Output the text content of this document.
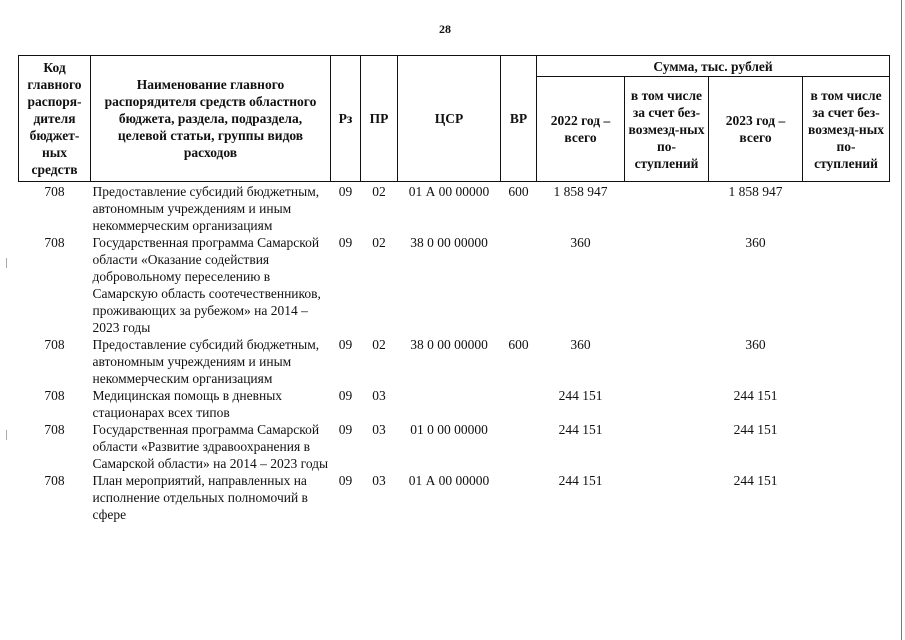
28
Код главного распоря-дителя бюджет-ных средств	Наименование главного распорядителя средств областного бюджета, раздела, подраздела, целевой статьи, группы видов расходов	Рз	ПР	ЦСР	ВР	Сумма, тыс. рублей			
						2022 год – всего	в том числе за счет без-возмезд-ных по-ступлений	2023 год – всего	в том числе за счет без-возмезд-ных по-ступлений
708	Предоставление субсидий бюджетным, автономным учреждениям и иным некоммерческим организациям	09	02	01 А 00 00000	600	1 858 947		1 858 947	
708	Государственная программа Самарской области «Оказание содействия добровольному переселению в Самарскую область соотечественников, проживающих за рубежом» на 2014 – 2023 годы	09	02	38 0 00 00000		360		360	
708	Предоставление субсидий бюджетным, автономным учреждениям и иным некоммерческим организациям	09	02	38 0 00 00000	600	360		360	
708	Медицинская помощь в дневных стационарах всех типов	09	03			244 151		244 151	
708	Государственная программа Самарской области «Развитие здравоохранения в Самарской области» на 2014 – 2023 годы	09	03	01 0 00 00000		244 151		244 151	
708	План мероприятий, направленных на исполнение отдельных полномочий в сфере	09	03	01 А 00 00000		244 151		244 151	
